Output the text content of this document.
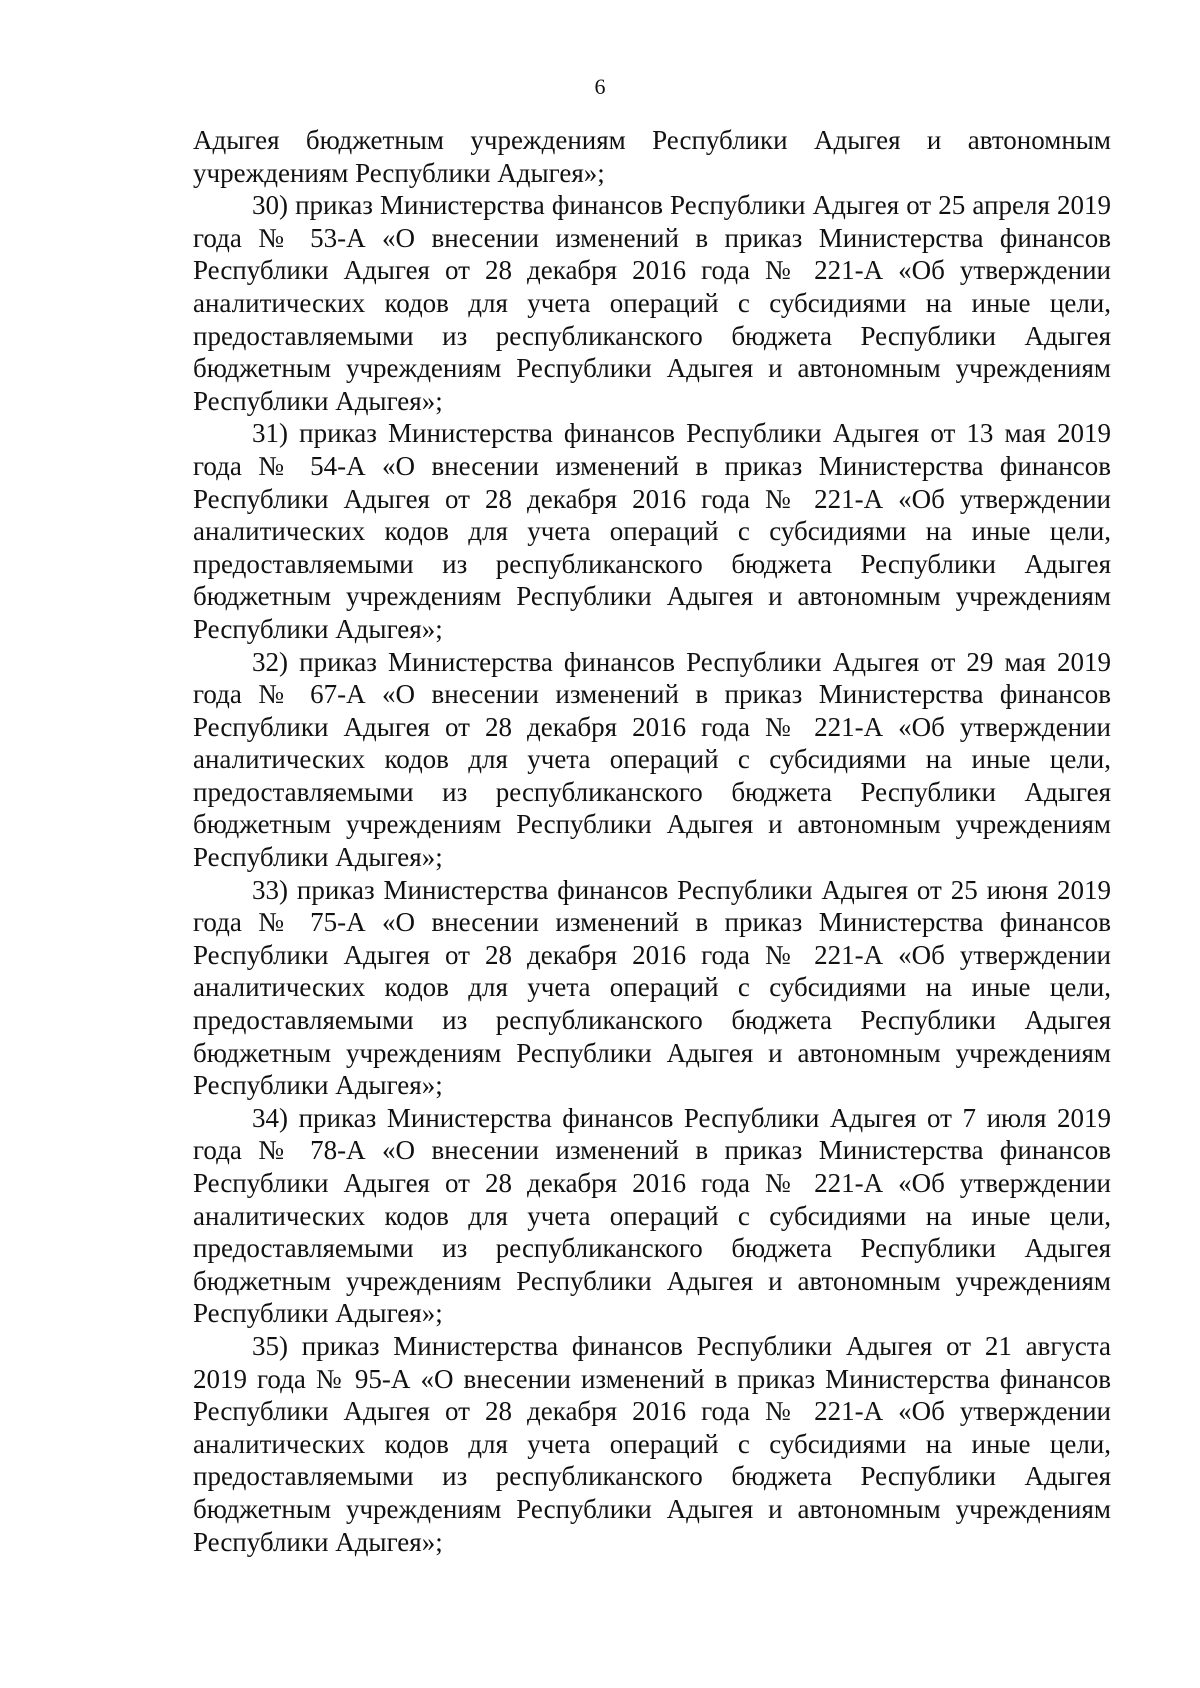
6

Адыгея бюджетным учреждениям Республики Адыгея и автономным учреждениям Республики Адыгея»;

30) приказ Министерства финансов Республики Адыгея от 25 апреля 2019 года № 53-А «О внесении изменений в приказ Министерства финансов Республики Адыгея от 28 декабря 2016 года № 221-А «Об утверждении аналитических кодов для учета операций с субсидиями на иные цели, предоставляемыми из республиканского бюджета Республики Адыгея бюджетным учреждениям Республики Адыгея и автономным учреждениям Республики Адыгея»;

31) приказ Министерства финансов Республики Адыгея от 13 мая 2019 года № 54-А «О внесении изменений в приказ Министерства финансов Республики Адыгея от 28 декабря 2016 года № 221-А «Об утверждении аналитических кодов для учета операций с субсидиями на иные цели, предоставляемыми из республиканского бюджета Республики Адыгея бюджетным учреждениям Республики Адыгея и автономным учреждениям Республики Адыгея»;

32) приказ Министерства финансов Республики Адыгея от 29 мая 2019 года № 67-А «О внесении изменений в приказ Министерства финансов Республики Адыгея от 28 декабря 2016 года № 221-А «Об утверждении аналитических кодов для учета операций с субсидиями на иные цели, предоставляемыми из республиканского бюджета Республики Адыгея бюджетным учреждениям Республики Адыгея и автономным учреждениям Республики Адыгея»;

33) приказ Министерства финансов Республики Адыгея от 25 июня 2019 года № 75-А «О внесении изменений в приказ Министерства финансов Республики Адыгея от 28 декабря 2016 года № 221-А «Об утверждении аналитических кодов для учета операций с субсидиями на иные цели, предоставляемыми из республиканского бюджета Республики Адыгея бюджетным учреждениям Республики Адыгея и автономным учреждениям Республики Адыгея»;

34) приказ Министерства финансов Республики Адыгея от 7 июля 2019 года № 78-А «О внесении изменений в приказ Министерства финансов Республики Адыгея от 28 декабря 2016 года № 221-А «Об утверждении аналитических кодов для учета операций с субсидиями на иные цели, предоставляемыми из республиканского бюджета Республики Адыгея бюджетным учреждениям Республики Адыгея и автономным учреждениям Республики Адыгея»;

35) приказ Министерства финансов Республики Адыгея от 21 августа 2019 года № 95-А «О внесении изменений в приказ Министерства финансов Республики Адыгея от 28 декабря 2016 года № 221-А «Об утверждении аналитических кодов для учета операций с субсидиями на иные цели, предоставляемыми из республиканского бюджета Республики Адыгея бюджетным учреждениям Республики Адыгея и автономным учреждениям Республики Адыгея»;
